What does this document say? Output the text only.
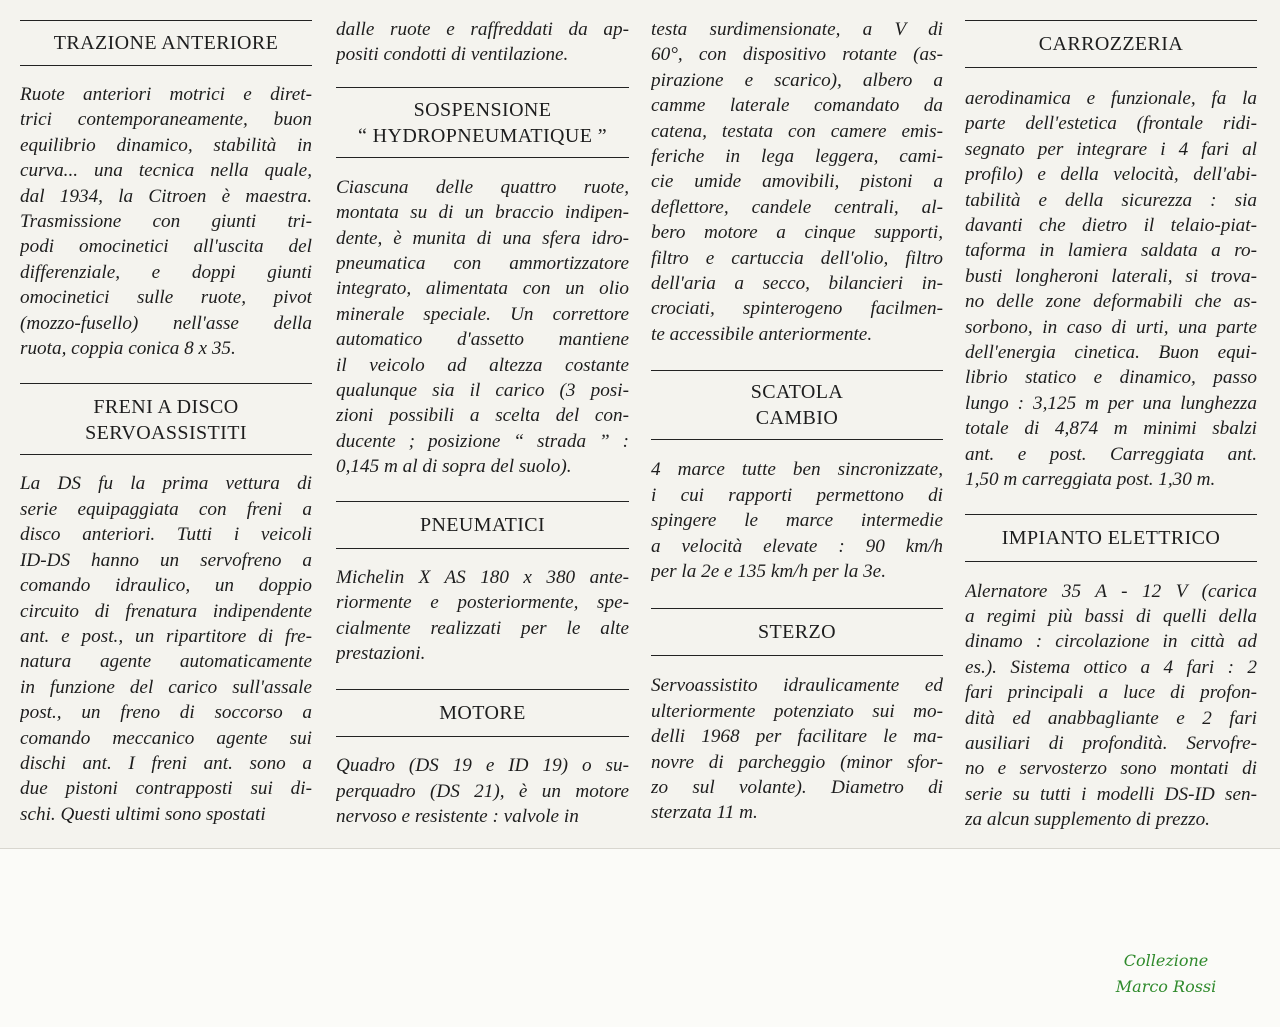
TRAZIONE ANTERIORE
Ruote anteriori motrici e diret-
trici contemporaneamente, buon
equilibrio dinamico, stabilità in
curva... una tecnica nella quale,
dal 1934, la Citroen è maestra.
Trasmissione con giunti tri-
podi omocinetici all'uscita del
differenziale, e doppi giunti
omocinetici sulle ruote, pivot
(mozzo-fusello) nell'asse della
ruota, coppia conica 8 x 35.
FRENI A DISCO
SERVOASSISTITI
La DS fu la prima vettura di
serie equipaggiata con freni a
disco anteriori. Tutti i veicoli
ID-DS hanno un servofreno a
comando idraulico, un doppio
circuito di frenatura indipendente
ant. e post., un ripartitore di fre-
natura agente automaticamente
in funzione del carico sull'assale
post., un freno di soccorso a
comando meccanico agente sui
dischi ant. I freni ant. sono a
due pistoni contrapposti sui di-
schi. Questi ultimi sono spostati
dalle ruote e raffreddati da ap-
positi condotti di ventilazione.
SOSPENSIONE
“ HYDROPNEUMATIQUE ”
Ciascuna delle quattro ruote,
montata su di un braccio indipen-
dente, è munita di una sfera idro-
pneumatica con ammortizzatore
integrato, alimentata con un olio
minerale speciale. Un correttore
automatico d'assetto mantiene
il veicolo ad altezza costante
qualunque sia il carico (3 posi-
zioni possibili a scelta del con-
ducente ; posizione “ strada ” :
0,145 m al di sopra del suolo).
PNEUMATICI
Michelin X AS 180 x 380 ante-
riormente e posteriormente, spe-
cialmente realizzati per le alte
prestazioni.
MOTORE
Quadro (DS 19 e ID 19) o su-
perquadro (DS 21), è un motore
nervoso e resistente : valvole in
testa surdimensionate, a V di
60°, con dispositivo rotante (as-
pirazione e scarico), albero a
camme laterale comandato da
catena, testata con camere emis-
feriche in lega leggera, cami-
cie umide amovibili, pistoni a
deflettore, candele centrali, al-
bero motore a cinque supporti,
filtro e cartuccia dell'olio, filtro
dell'aria a secco, bilancieri in-
crociati, spinterogeno facilmen-
te accessibile anteriormente.
SCATOLA
CAMBIO
4 marce tutte ben sincronizzate,
i cui rapporti permettono di
spingere le marce intermedie
a velocità elevate : 90 km/h
per la 2e e 135 km/h per la 3e.
STERZO
Servoassistito idraulicamente ed
ulteriormente potenziato sui mo-
delli 1968 per facilitare le ma-
novre di parcheggio (minor sfor-
zo sul volante). Diametro di
sterzata 11 m.
CARROZZERIA
aerodinamica e funzionale, fa la
parte dell'estetica (frontale ridi-
segnato per integrare i 4 fari al
profilo) e della velocità, dell'abi-
tabilità e della sicurezza : sia
davanti che dietro il telaio-piat-
taforma in lamiera saldata a ro-
busti longheroni laterali, si trova-
no delle zone deformabili che as-
sorbono, in caso di urti, una parte
dell'energia cinetica. Buon equi-
librio statico e dinamico, passo
lungo : 3,125 m per una lunghezza
totale di 4,874 m minimi sbalzi
ant. e post. Carreggiata ant.
1,50 m carreggiata post. 1,30 m.
IMPIANTO ELETTRICO
Alernatore 35 A - 12 V (carica
a regimi più bassi di quelli della
dinamo : circolazione in città ad
es.). Sistema ottico a 4 fari : 2
fari principali a luce di profon-
dità ed anabbagliante e 2 fari
ausiliari di profondità. Servofre-
no e servosterzo sono montati di
serie su tutti i modelli DS-ID sen-
za alcun supplemento di prezzo.
Collezione
Marco Rossi
